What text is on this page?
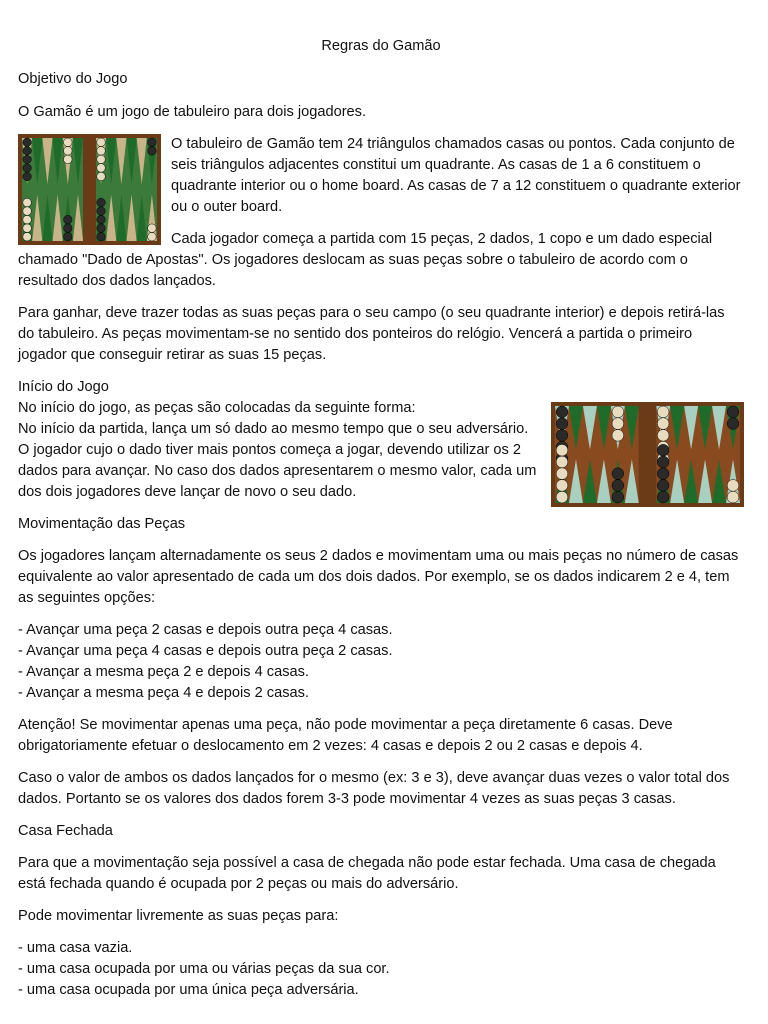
Regras do Gamão

Objetivo do Jogo

O Gamão é um jogo de tabuleiro para dois jogadores.

O tabuleiro de Gamão tem 24 triângulos chamados casas ou pontos. Cada conjunto de seis triângulos adjacentes constitui um quadrante. As casas de 1 a 6 constituem o quadrante interior ou o home board. As casas de 7 a 12 constituem o quadrante exterior ou o outer board.

Cada jogador começa a partida com 15 peças, 2 dados, 1 copo e um dado especial chamado "Dado de Apostas". Os jogadores deslocam as suas peças sobre o tabuleiro de acordo com o resultado dos dados lançados.

Para ganhar, deve trazer todas as suas peças para o seu campo (o seu quadrante interior) e depois retirá-las do tabuleiro. As peças movimentam-se no sentido dos ponteiros do relógio. Vencerá a partida o primeiro jogador que conseguir retirar as suas 15 peças.

Início do Jogo

No início do jogo, as peças são colocadas da seguinte forma:

No início da partida, lança um só dado ao mesmo tempo que o seu adversário. O jogador cujo o dado tiver mais pontos começa a jogar, devendo utilizar os 2 dados para avançar. No caso dos dados apresentarem o mesmo valor, cada um dos dois jogadores deve lançar de novo o seu dado.

Movimentação das Peças

Os jogadores lançam alternadamente os seus 2 dados e movimentam uma ou mais peças no número de casas equivalente ao valor apresentado de cada um dos dois dados. Por exemplo, se os dados indicarem 2 e 4, tem as seguintes opções:

- Avançar uma peça 2 casas e depois outra peça 4 casas.
- Avançar uma peça 4 casas e depois outra peça 2 casas.
- Avançar a mesma peça 2 e depois 4 casas.
- Avançar a mesma peça 4 e depois 2 casas.

Atenção! Se movimentar apenas uma peça, não pode movimentar a peça diretamente 6 casas. Deve obrigatoriamente efetuar o deslocamento em 2 vezes: 4 casas e depois 2 ou 2 casas e depois 4.

Caso o valor de ambos os dados lançados for o mesmo (ex: 3 e 3), deve avançar duas vezes o valor total dos dados. Portanto se os valores dos dados forem 3-3 pode movimentar 4 vezes as suas peças 3 casas.

Casa Fechada

Para que a movimentação seja possível a casa de chegada não pode estar fechada. Uma casa de chegada está fechada quando é ocupada por 2 peças ou mais do adversário.

Pode movimentar livremente as suas peças para:

- uma casa vazia.
- uma casa ocupada por uma ou várias peças da sua cor.
- uma casa ocupada por uma única peça adversária.
